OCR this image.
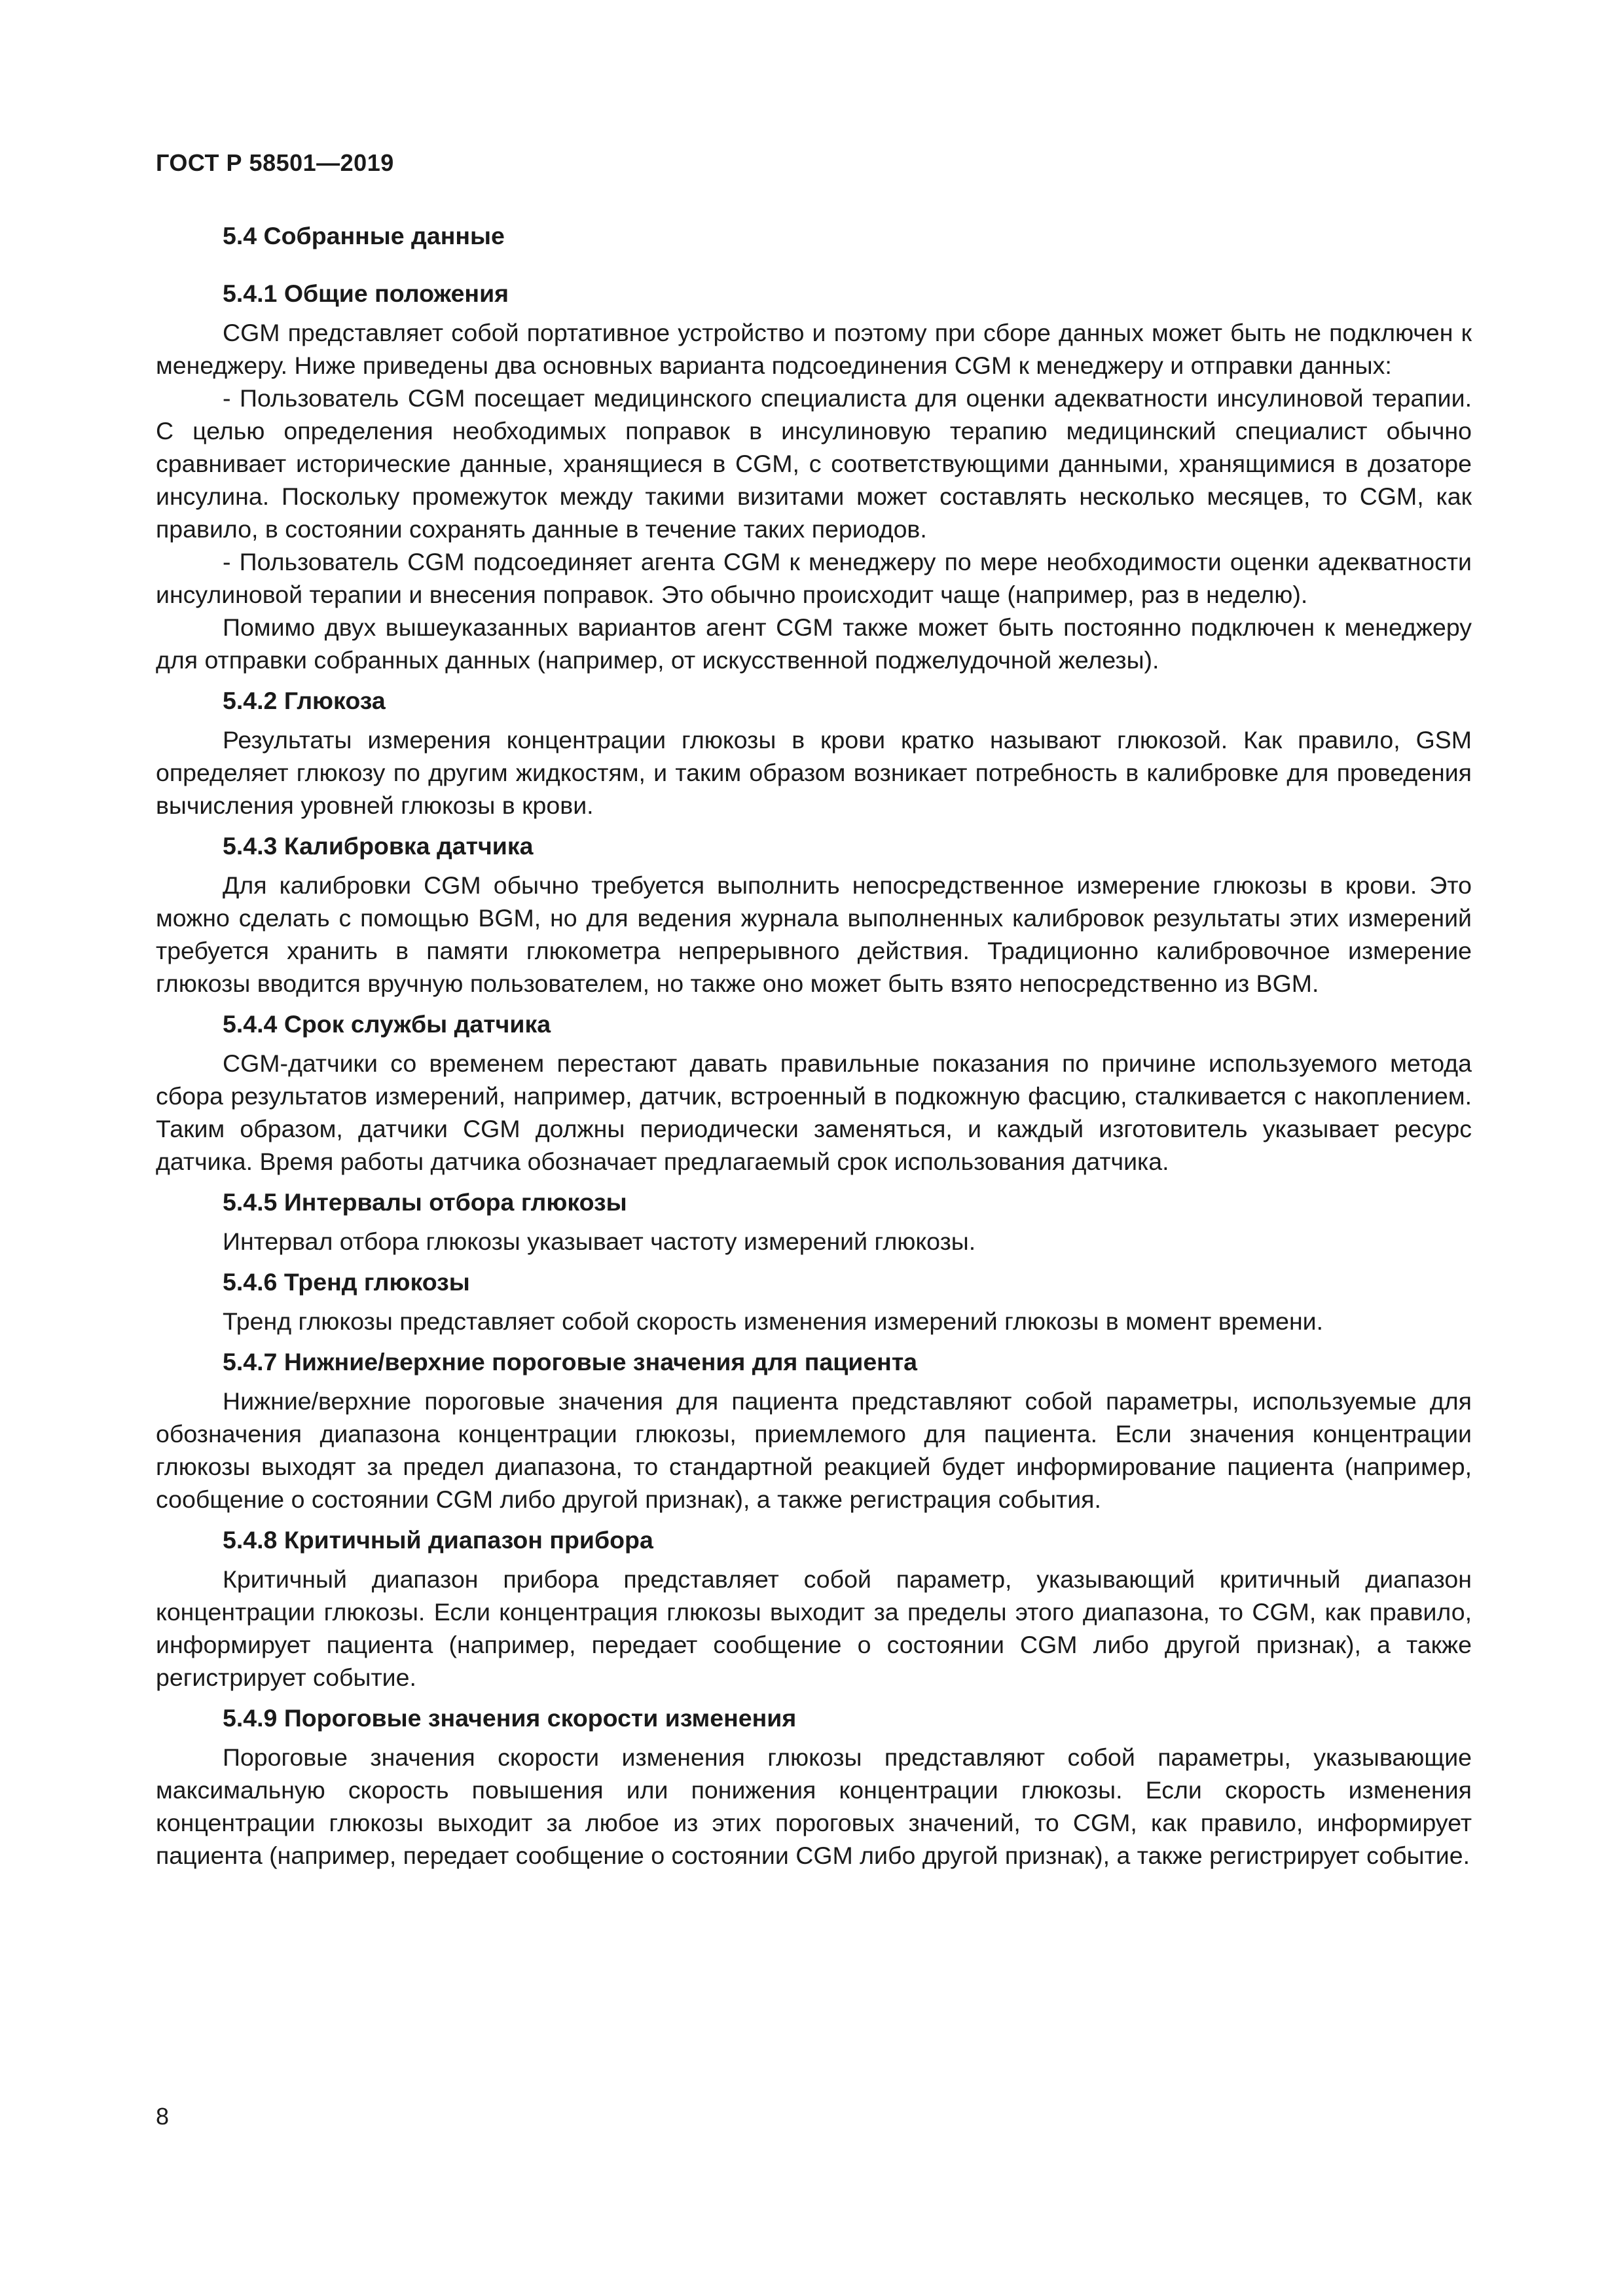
ГОСТ Р 58501—2019
5.4 Собранные данные
5.4.1 Общие положения

CGM представляет собой портативное устройство и поэтому при сборе данных может быть не подключен к менеджеру. Ниже приведены два основных варианта подсоединения CGM к менеджеру и отправки данных:

- Пользователь CGM посещает медицинского специалиста для оценки адекватности инсулиновой терапии. С целью определения необходимых поправок в инсулиновую терапию медицинский специалист обычно сравнивает исторические данные, хранящиеся в CGM, с соответствующими данными, хранящимися в дозаторе инсулина. Поскольку промежуток между такими визитами может составлять несколько месяцев, то CGM, как правило, в состоянии сохранять данные в течение таких периодов.

- Пользователь CGM подсоединяет агента CGM к менеджеру по мере необходимости оценки адекватности инсулиновой терапии и внесения поправок. Это обычно происходит чаще (например, раз в неделю).

Помимо двух вышеуказанных вариантов агент CGM также может быть постоянно подключен к менеджеру для отправки собранных данных (например, от искусственной поджелудочной железы).

5.4.2 Глюкоза

Результаты измерения концентрации глюкозы в крови кратко называют глюкозой. Как правило, GSM определяет глюкозу по другим жидкостям, и таким образом возникает потребность в калибровке для проведения вычисления уровней глюкозы в крови.

5.4.3 Калибровка датчика

Для калибровки CGM обычно требуется выполнить непосредственное измерение глюкозы в крови. Это можно сделать с помощью BGM, но для ведения журнала выполненных калибровок результаты этих измерений требуется хранить в памяти глюкометра непрерывного действия. Традиционно калибровочное измерение глюкозы вводится вручную пользователем, но также оно может быть взято непосредственно из BGM.

5.4.4 Срок службы датчика

CGM-датчики со временем перестают давать правильные показания по причине используемого метода сбора результатов измерений, например, датчик, встроенный в подкожную фасцию, сталкивается с накоплением. Таким образом, датчики CGM должны периодически заменяться, и каждый изготовитель указывает ресурс датчика. Время работы датчика обозначает предлагаемый срок использования датчика.

5.4.5 Интервалы отбора глюкозы

Интервал отбора глюкозы указывает частоту измерений глюкозы.

5.4.6 Тренд глюкозы

Тренд глюкозы представляет собой скорость изменения измерений глюкозы в момент времени.

5.4.7 Нижние/верхние пороговые значения для пациента

Нижние/верхние пороговые значения для пациента представляют собой параметры, используемые для обозначения диапазона концентрации глюкозы, приемлемого для пациента. Если значения концентрации глюкозы выходят за предел диапазона, то стандартной реакцией будет информирование пациента (например, сообщение о состоянии CGM либо другой признак), а также регистрация события.

5.4.8 Критичный диапазон прибора

Критичный диапазон прибора представляет собой параметр, указывающий критичный диапазон концентрации глюкозы. Если концентрация глюкозы выходит за пределы этого диапазона, то CGM, как правило, информирует пациента (например, передает сообщение о состоянии CGM либо другой признак), а также регистрирует событие.

5.4.9 Пороговые значения скорости изменения

Пороговые значения скорости изменения глюкозы представляют собой параметры, указывающие максимальную скорость повышения или понижения концентрации глюкозы. Если скорость изменения концентрации глюкозы выходит за любое из этих пороговых значений, то CGM, как правило, информирует пациента (например, передает сообщение о состоянии CGM либо другой признак), а также регистрирует событие.

8
